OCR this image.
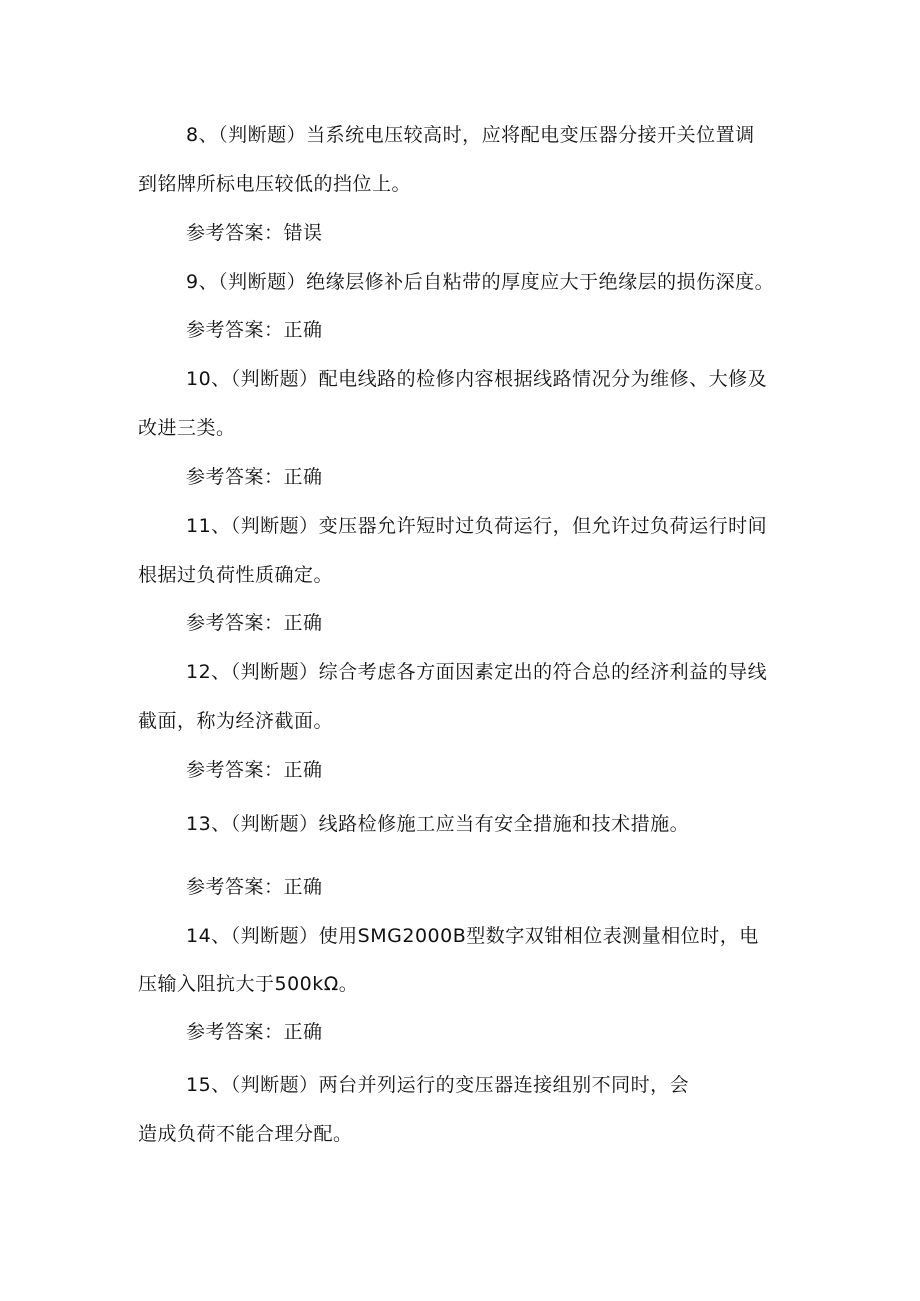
8、（判断题）当系统电压较高时，应将配电变压器分接开关位置调
到铭牌所标电压较低的挡位上。
参考答案：错误
9、（判断题）绝缘层修补后自粘带的厚度应大于绝缘层的损伤深度。
参考答案：正确
10、（判断题）配电线路的检修内容根据线路情况分为维修、大修及
改进三类。
参考答案：正确
11、（判断题）变压器允许短时过负荷运行，但允许过负荷运行时间
根据过负荷性质确定。
参考答案：正确
12、（判断题）综合考虑各方面因素定出的符合总的经济利益的导线
截面，称为经济截面。
参考答案：正确
13、（判断题）线路检修施工应当有安全措施和技术措施。
参考答案：正确
14、（判断题）使用SMG2000B型数字双钳相位表测量相位时，电
压输入阻抗大于500kΩ。
参考答案：正确
15、（判断题）两台并列运行的变压器连接组别不同时，会
造成负荷不能合理分配。
